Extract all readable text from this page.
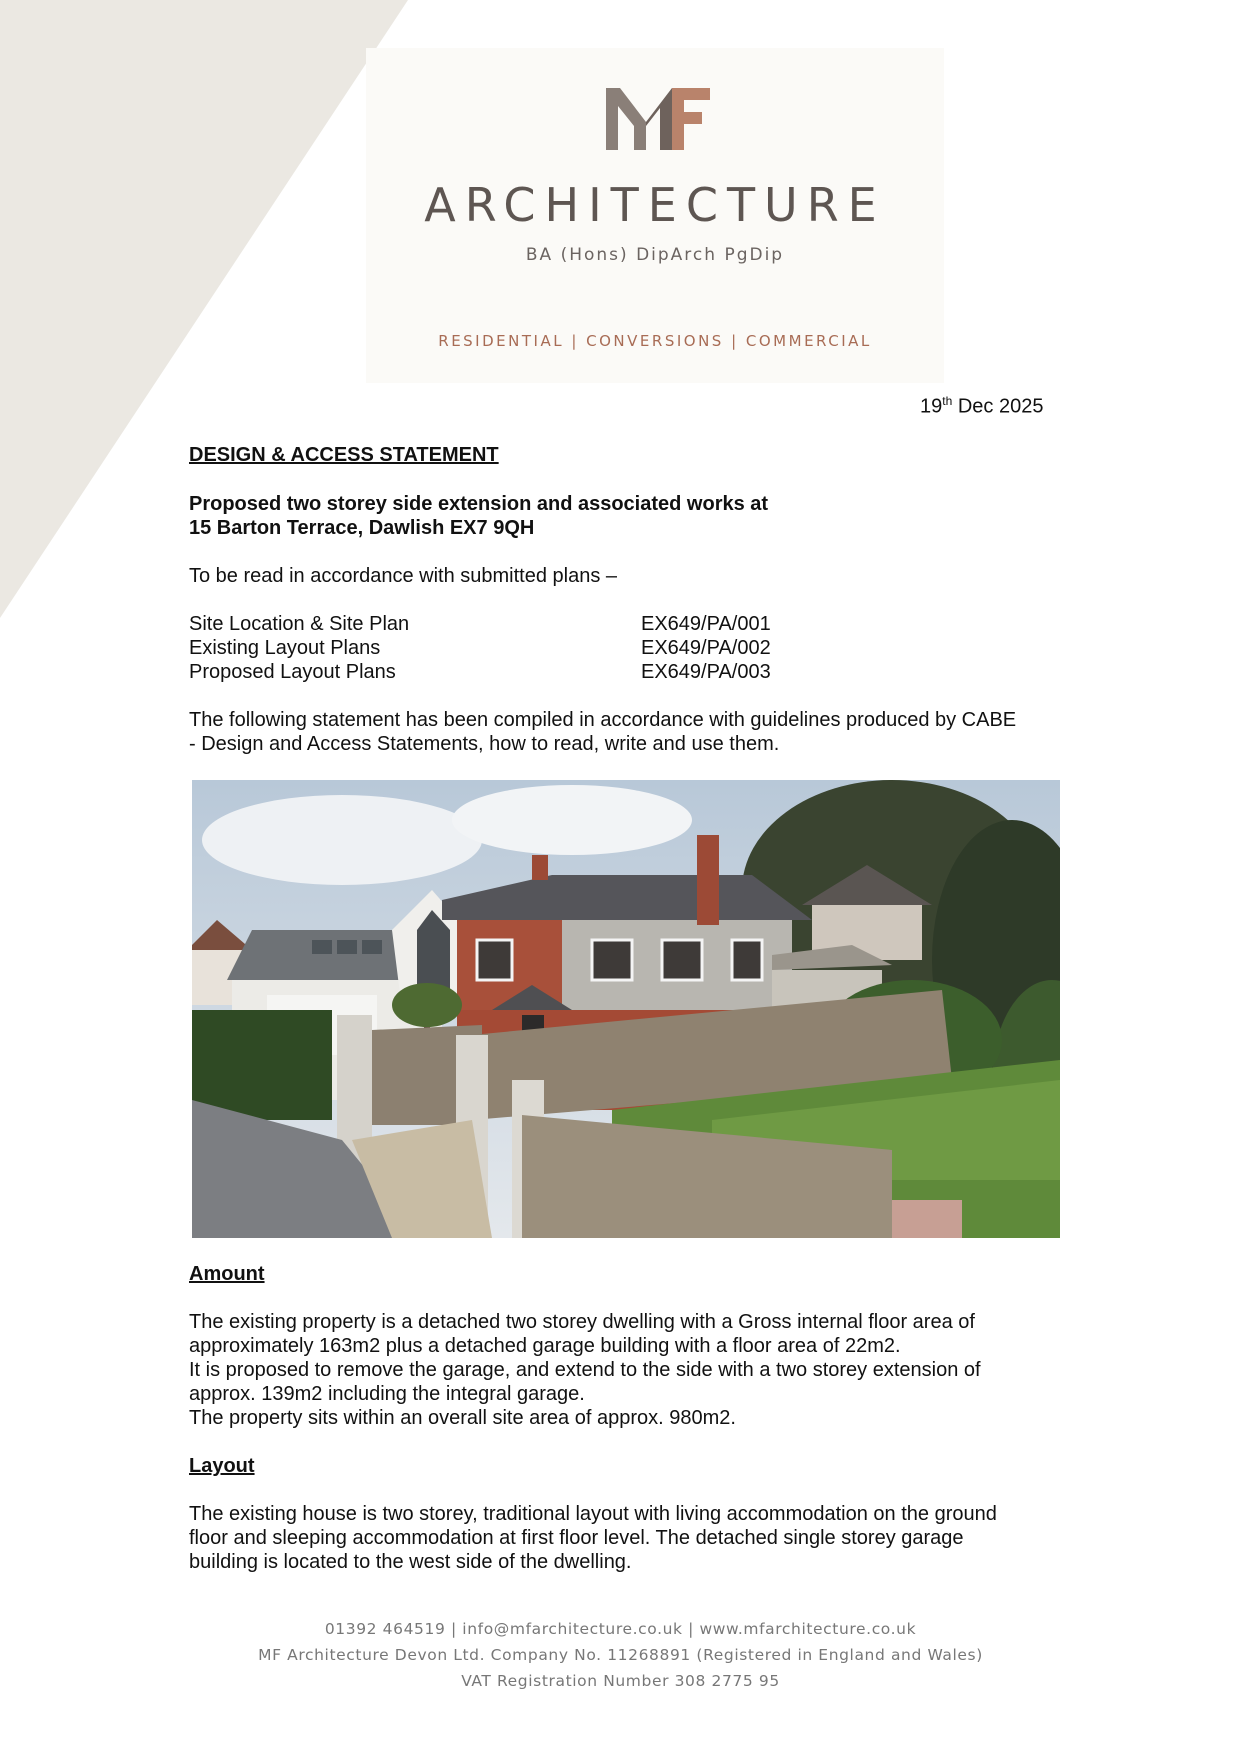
ARCHITECTURE
BA (Hons) DipArch PgDip
RESIDENTIAL | CONVERSIONS | COMMERCIAL
19th Dec 2025
DESIGN & ACCESS STATEMENT
Proposed two storey side extension and associated works at
15 Barton Terrace, Dawlish EX7 9QH
To be read in accordance with submitted plans –
Site Location & Site Plan	EX649/PA/001
Existing Layout Plans	EX649/PA/002
Proposed Layout Plans	EX649/PA/003
The following statement has been compiled in accordance with guidelines produced by CABE
- Design and Access Statements, how to read, write and use them.
Amount
The existing property is a detached two storey dwelling with a Gross internal floor area of
approximately 163m2 plus a detached garage building with a floor area of 22m2.
It is proposed to remove the garage, and extend to the side with a two storey extension of
approx. 139m2 including the integral garage.
The property sits within an overall site area of approx. 980m2.
Layout
The existing house is two storey, traditional layout with living accommodation on the ground
floor and sleeping accommodation at first floor level. The detached single storey garage
building is located to the west side of the dwelling.
01392 464519 | info@mfarchitecture.co.uk | www.mfarchitecture.co.uk
MF Architecture Devon Ltd. Company No. 11268891 (Registered in England and Wales)
VAT Registration Number 308 2775 95
